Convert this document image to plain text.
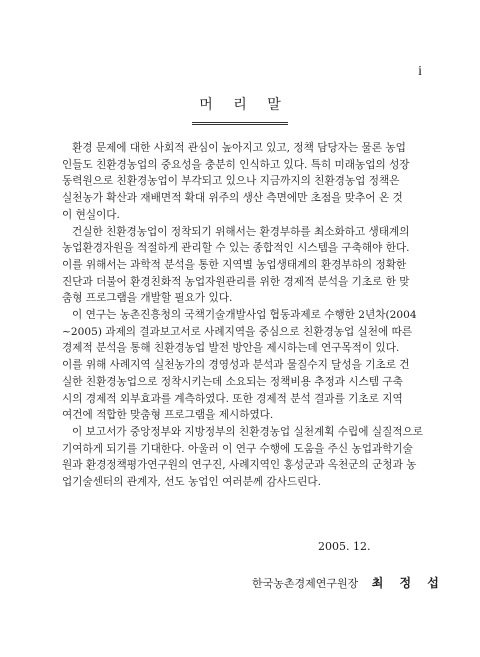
i
머 리 말
환경 문제에 대한 사회적 관심이 높아지고 있고, 정책 담당자는 물론 농업
인들도 친환경농업의 중요성을 충분히 인식하고 있다. 특히 미래농업의 성장
동력원으로 친환경농업이 부각되고 있으나 지금까지의 친환경농업 정책은
실천농가 확산과 재배면적 확대 위주의 생산 측면에만 초점을 맞추어 온 것
이 현실이다.
건실한 친환경농업이 정착되기 위해서는 환경부하를 최소화하고 생태계의
농업환경자원을 적절하게 관리할 수 있는 종합적인 시스템을 구축해야 한다.
이를 위해서는 과학적 분석을 통한 지역별 농업생태계의 환경부하의 정확한
진단과 더불어 환경친화적 농업자원관리를 위한 경제적 분석을 기초로 한 맞
춤형 프로그램을 개발할 필요가 있다.
이 연구는 농촌진흥청의 국책기술개발사업 협동과제로 수행한 2년차(2004
∼2005) 과제의 결과보고서로 사례지역을 중심으로 친환경농업 실천에 따른
경제적 분석을 통해 친환경농업 발전 방안을 제시하는데 연구목적이 있다.
이를 위해 사례지역 실천농가의 경영성과 분석과 물질수지 달성을 기초로 건
실한 친환경농업으로 정착시키는데 소요되는 정책비용 추정과 시스템 구축
시의 경제적 외부효과를 계측하였다. 또한 경제적 분석 결과를 기초로 지역
여건에 적합한 맞춤형 프로그램을 제시하였다.
이 보고서가 중앙정부와 지방정부의 친환경농업 실천계획 수립에 실질적으로
기여하게 되기를 기대한다. 아울러 이 연구 수행에 도움을 주신 농업과학기술
원과 환경정책평가연구원의 연구진, 사례지역인 홍성군과 옥천군의 군청과 농
업기술센터의 관계자, 선도 농업인 여러분께 감사드린다.
2005. 12.
한국농촌경제연구원장 최 정 섭
